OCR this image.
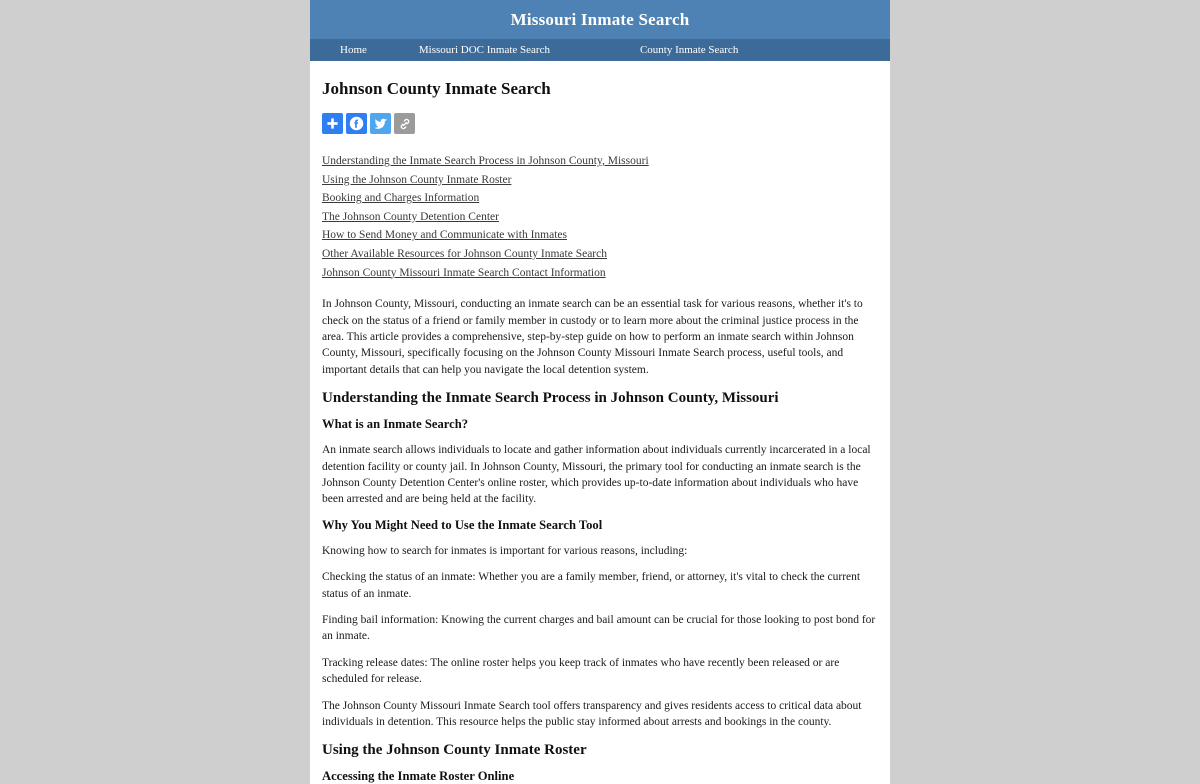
Missouri Inmate Search
Home	Missouri DOC Inmate Search	County Inmate Search
Johnson County Inmate Search
Understanding the Inmate Search Process in Johnson County, Missouri
Using the Johnson County Inmate Roster
Booking and Charges Information
The Johnson County Detention Center
How to Send Money and Communicate with Inmates
Other Available Resources for Johnson County Inmate Search
Johnson County Missouri Inmate Search Contact Information

In Johnson County, Missouri, conducting an inmate search can be an essential task for various reasons, whether it's to check on the status of a friend or family member in custody or to learn more about the criminal justice process in the area. This article provides a comprehensive, step-by-step guide on how to perform an inmate search within Johnson County, Missouri, specifically focusing on the Johnson County Missouri Inmate Search process, useful tools, and important details that can help you navigate the local detention system.

Understanding the Inmate Search Process in Johnson County, Missouri
What is an Inmate Search?

An inmate search allows individuals to locate and gather information about individuals currently incarcerated in a local detention facility or county jail. In Johnson County, Missouri, the primary tool for conducting an inmate search is the Johnson County Detention Center's online roster, which provides up-to-date information about individuals who have been arrested and are being held at the facility.

Why You Might Need to Use the Inmate Search Tool

Knowing how to search for inmates is important for various reasons, including:

Checking the status of an inmate: Whether you are a family member, friend, or attorney, it's vital to check the current status of an inmate.

Finding bail information: Knowing the current charges and bail amount can be crucial for those looking to post bond for an inmate.

Tracking release dates: The online roster helps you keep track of inmates who have recently been released or are scheduled for release.

The Johnson County Missouri Inmate Search tool offers transparency and gives residents access to critical data about individuals in detention. This resource helps the public stay informed about arrests and bookings in the county.

Using the Johnson County Inmate Roster
Accessing the Inmate Roster Online
